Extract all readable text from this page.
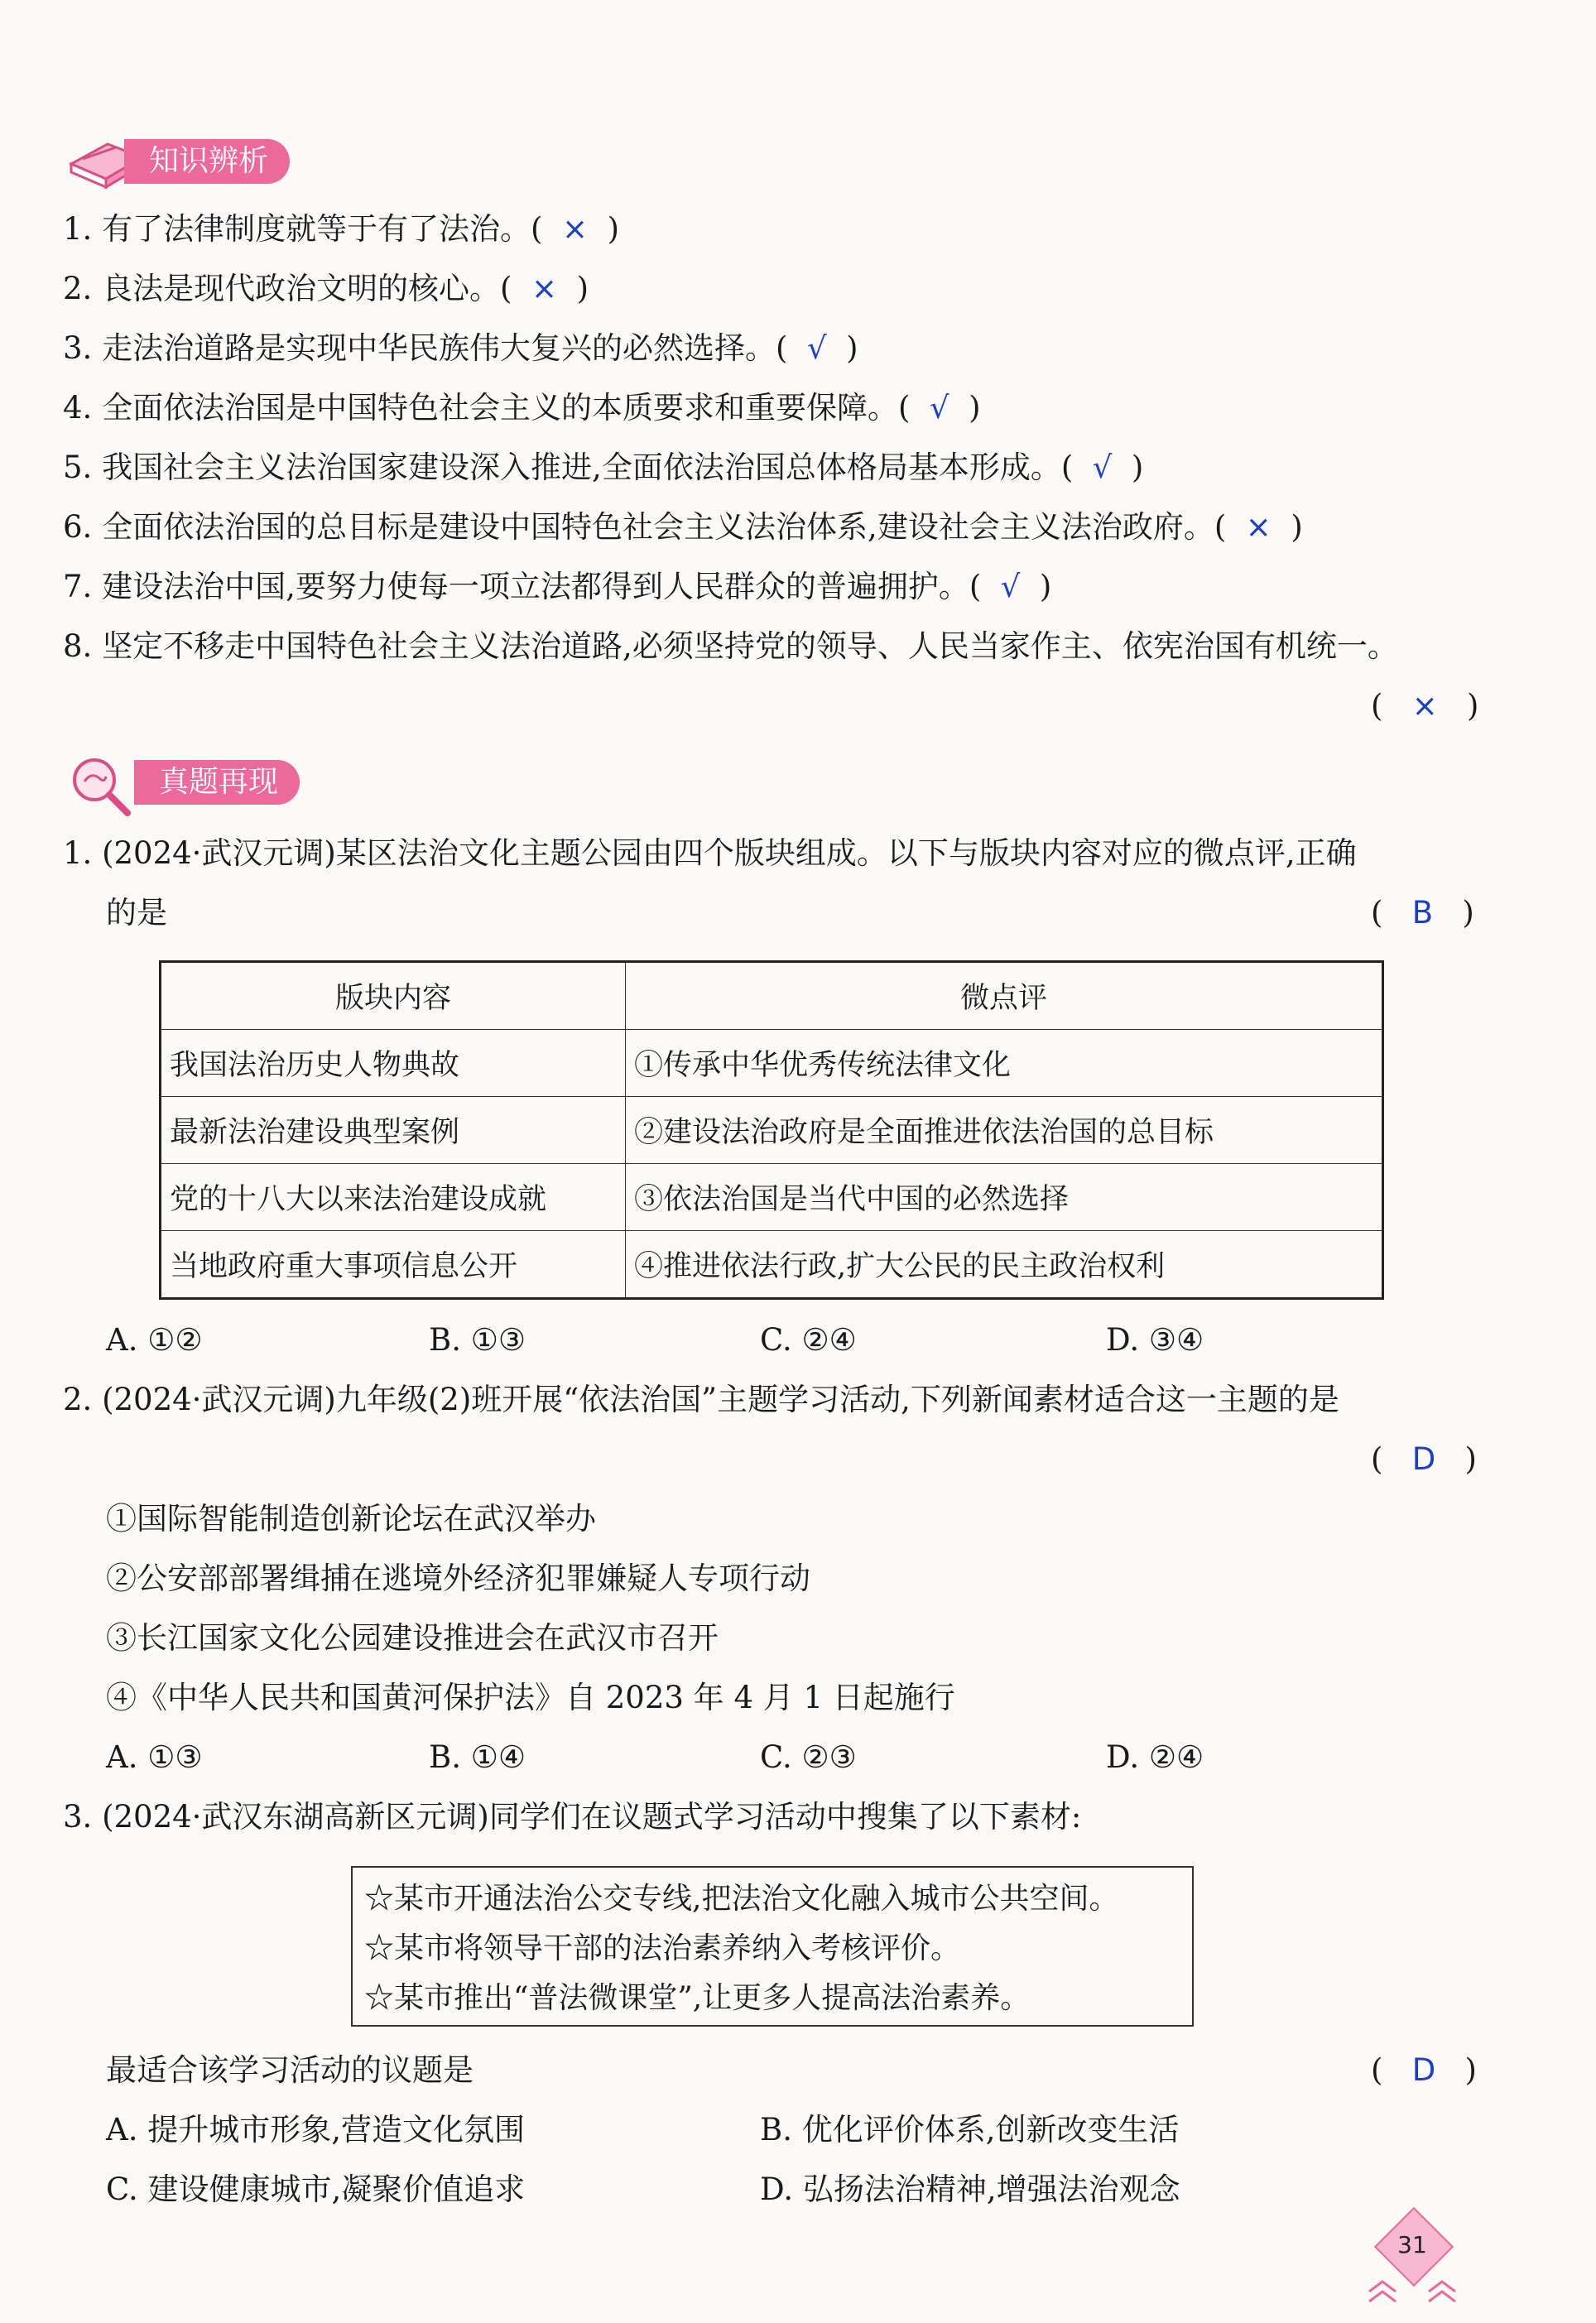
知识辨析
1. 有了法律制度就等于有了法治。( × )
2. 良法是现代政治文明的核心。( × )
3. 走法治道路是实现中华民族伟大复兴的必然选择。( √ )
4. 全面依法治国是中国特色社会主义的本质要求和重要保障。( √ )
5. 我国社会主义法治国家建设深入推进,全面依法治国总体格局基本形成。( √ )
6. 全面依法治国的总目标是建设中国特色社会主义法治体系,建设社会主义法治政府。( × )
7. 建设法治中国,要努力使每一项立法都得到人民群众的普遍拥护。( √ )
8. 坚定不移走中国特色社会主义法治道路,必须坚持党的领导、人民当家作主、依宪治国有机统一。
( × )
真题再现
1. (2024·武汉元调)某区法治文化主题公园由四个版块组成。以下与版块内容对应的微点评,正确
的是	(   B   )
版块内容	微点评
我国法治历史人物典故	①传承中华优秀传统法律文化
最新法治建设典型案例	②建设法治政府是全面推进依法治国的总目标
党的十八大以来法治建设成就	③依法治国是当代中国的必然选择
当地政府重大事项信息公开	④推进依法行政,扩大公民的民主政治权利
A. ①②	B. ①③	C. ②④	D. ③④
2. (2024·武汉元调)九年级(2)班开展“依法治国”主题学习活动,下列新闻素材适合这一主题的是
(   D   )
①国际智能制造创新论坛在武汉举办
②公安部部署缉捕在逃境外经济犯罪嫌疑人专项行动
③长江国家文化公园建设推进会在武汉市召开
④《中华人民共和国黄河保护法》自 2023 年 4 月 1 日起施行
A. ①③	B. ①④	C. ②③	D. ②④
3. (2024·武汉东湖高新区元调)同学们在议题式学习活动中搜集了以下素材:
☆某市开通法治公交专线,把法治文化融入城市公共空间。
☆某市将领导干部的法治素养纳入考核评价。
☆某市推出“普法微课堂”,让更多人提高法治素养。
最适合该学习活动的议题是	(   D   )
A. 提升城市形象,营造文化氛围	B. 优化评价体系,创新改变生活
C. 建设健康城市,凝聚价值追求	D. 弘扬法治精神,增强法治观念
31
